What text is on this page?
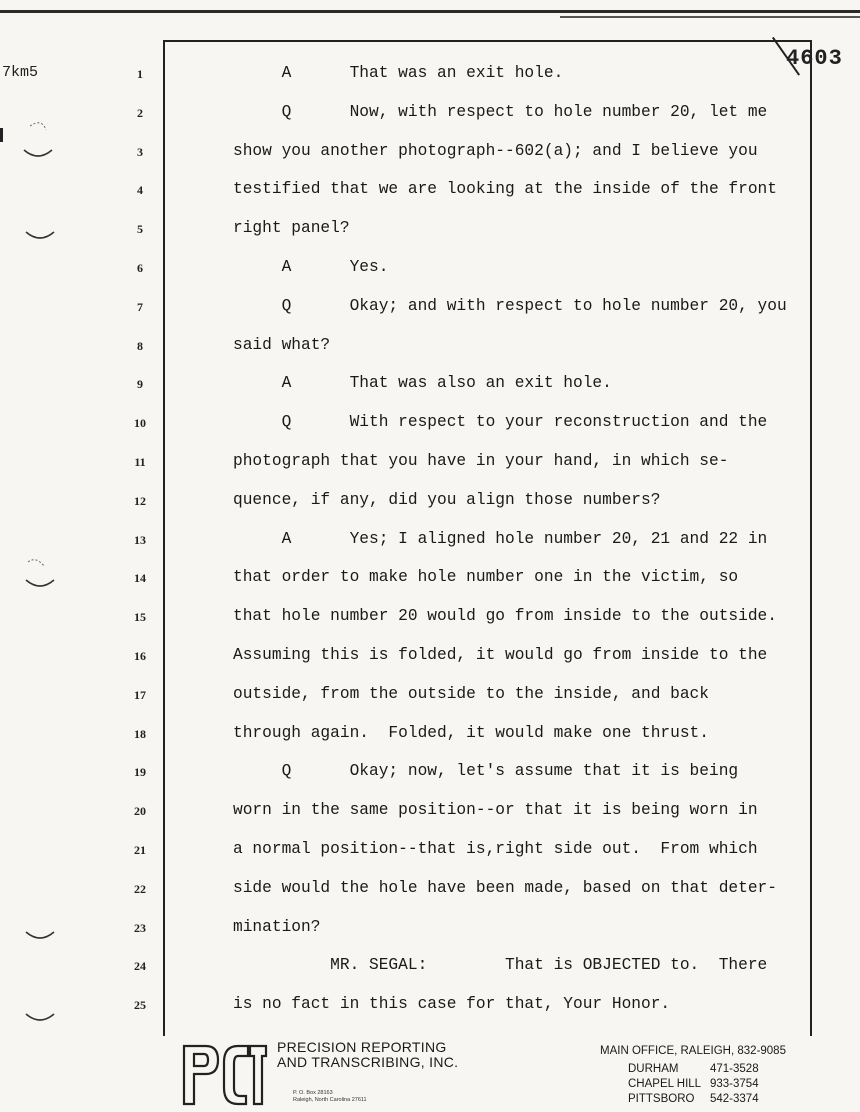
7km5
4603
1
2
3
4
5
6
7
8
9
10
11
12
13
14
15
16
17
18
19
20
21
22
23
24
25
A      That was an exit hole.
Q      Now, with respect to hole number 20, let me
show you another photograph--602(a); and I believe you
testified that we are looking at the inside of the front
right panel?
A      Yes.
Q      Okay; and with respect to hole number 20, you
said what?
A      That was also an exit hole.
Q      With respect to your reconstruction and the
photograph that you have in your hand, in which se-
quence, if any, did you align those numbers?
A      Yes; I aligned hole number 20, 21 and 22 in
that order to make hole number one in the victim, so
that hole number 20 would go from inside to the outside.
Assuming this is folded, it would go from inside to the
outside, from the outside to the inside, and back
through again.  Folded, it would make one thrust.
Q      Okay; now, let's assume that it is being
worn in the same position--or that it is being worn in
a normal position--that is,right side out.  From which
side would the hole have been made, based on that deter-
mination?
MR. SEGAL:        That is OBJECTED to.  There
is no fact in this case for that, Your Honor.
PRECISION REPORTING
AND TRANSCRIBING, INC.
P. O. Box 28163
Raleigh, North Carolina 27611
MAIN OFFICE, RALEIGH, 832-9085
DURHAM	471-3528
CHAPEL HILL 933-3754
PITTSBORO 542-3374
